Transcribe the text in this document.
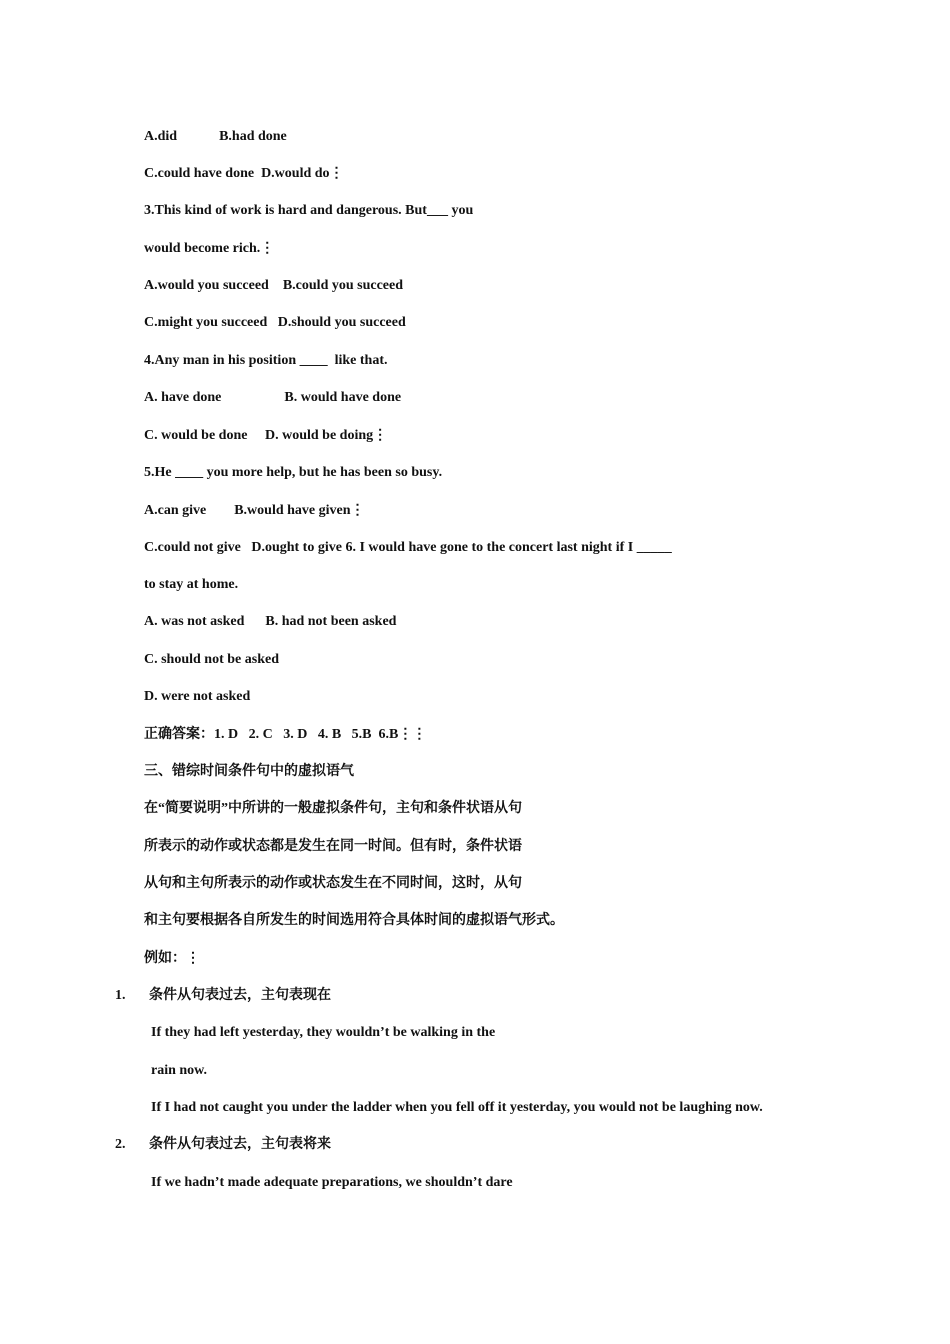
A.did            B.had done
C.could have done  D.would do⋮
3.This kind of work is hard and dangerous. But___ you
would become rich.⋮
A.would you succeed    B.could you succeed
C.might you succeed   D.should you succeed
4.Any man in his position ____  like that.
A. have done                  B. would have done
C. would be done     D. would be doing⋮
5.He ____ you more help, but he has been so busy.
A.can give        B.would have given⋮
C.could not give   D.ought to give 6. I would have gone to the concert last night if I _____
to stay at home.
A. was not asked      B. had not been asked
C. should not be asked
D. were not asked
正确答案：1. D   2. C   3. D   4. B   5.B  6.B⋮⋮
三、错综时间条件句中的虚拟语气
在“简要说明”中所讲的一般虚拟条件句，主句和条件状语从句
所表示的动作或状态都是发生在同一时间。但有时，条件状语
从句和主句所表示的动作或状态发生在不同时间，这时，从句
和主句要根据各自所发生的时间选用符合具体时间的虚拟语气形式。
例如：⋮
1. 条件从句表过去，主句表现在
If they had left yesterday, they wouldn’t be walking in the
rain now.
If I had not caught you under the ladder when you fell off it yesterday, you would not be laughing now.
2. 条件从句表过去，主句表将来
If we hadn’t made adequate preparations, we shouldn’t dare
